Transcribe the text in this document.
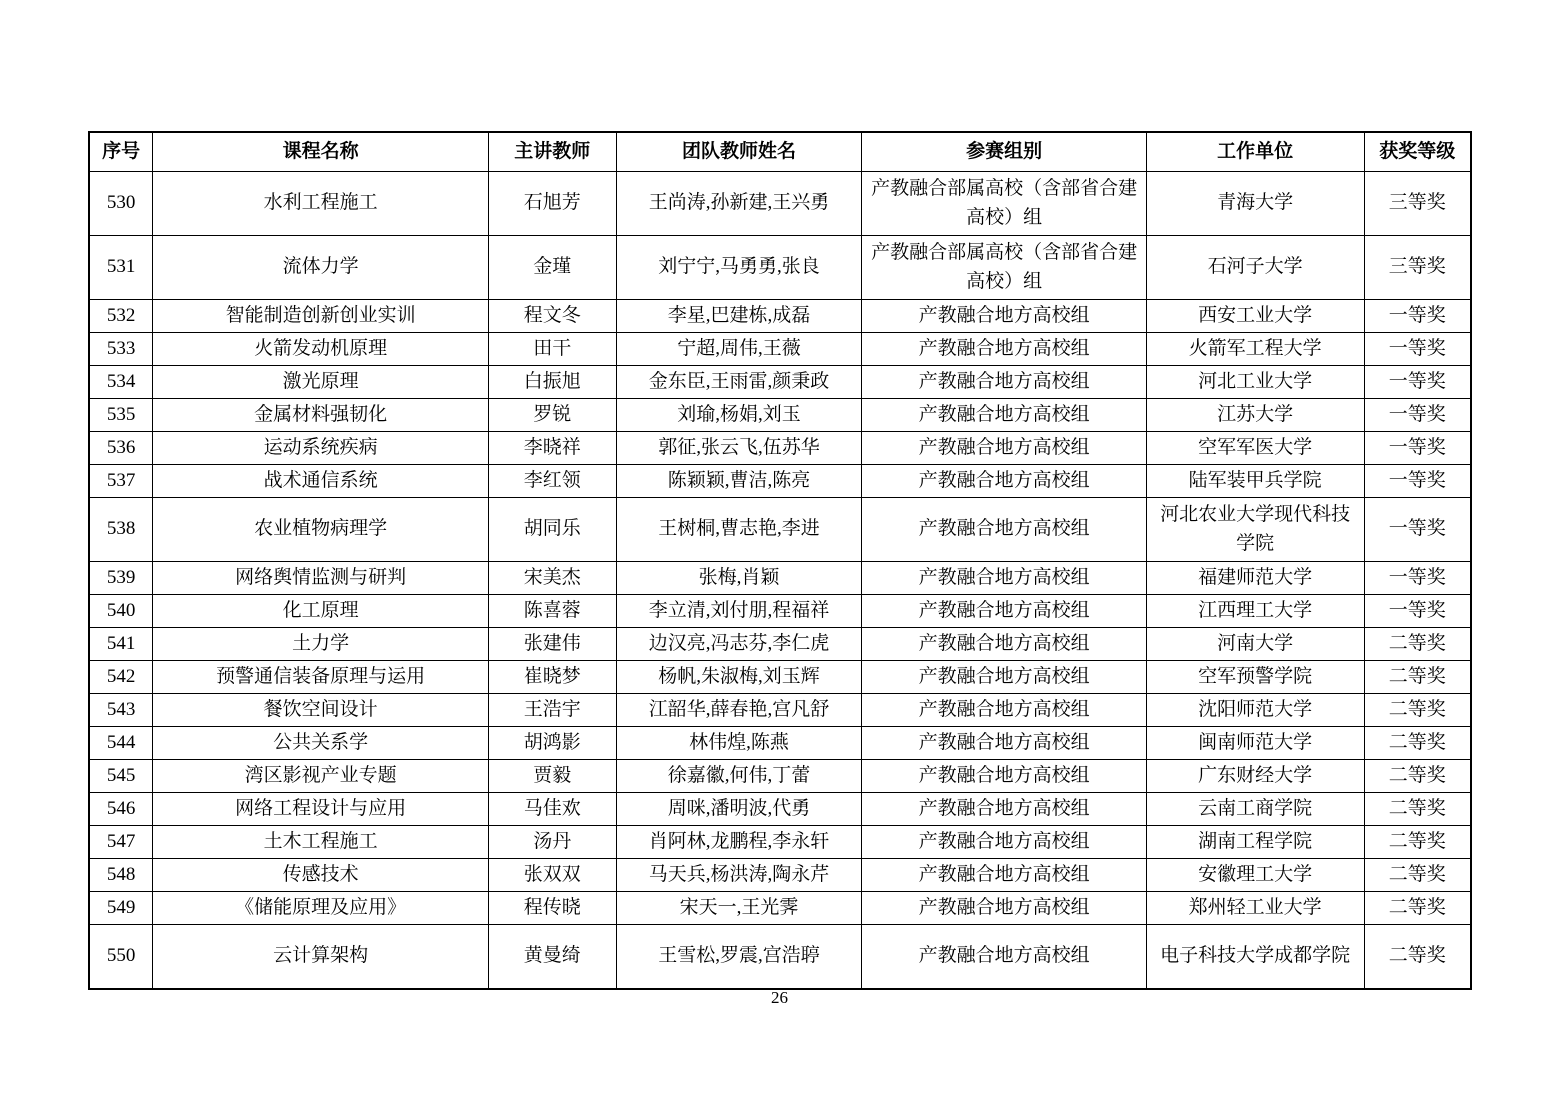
序号	课程名称	主讲教师	团队教师姓名	参赛组别	工作单位	获奖等级
530	水利工程施工	石旭芳	王尚涛,孙新建,王兴勇	产教融合部属高校（含部省合建高校）组	青海大学	三等奖
531	流体力学	金瑾	刘宁宁,马勇勇,张良	产教融合部属高校（含部省合建高校）组	石河子大学	三等奖
532	智能制造创新创业实训	程文冬	李星,巴建栋,成磊	产教融合地方高校组	西安工业大学	一等奖
533	火箭发动机原理	田干	宁超,周伟,王薇	产教融合地方高校组	火箭军工程大学	一等奖
534	激光原理	白振旭	金东臣,王雨雷,颜秉政	产教融合地方高校组	河北工业大学	一等奖
535	金属材料强韧化	罗锐	刘瑜,杨娟,刘玉	产教融合地方高校组	江苏大学	一等奖
536	运动系统疾病	李晓祥	郭征,张云飞,伍苏华	产教融合地方高校组	空军军医大学	一等奖
537	战术通信系统	李红领	陈颖颖,曹洁,陈亮	产教融合地方高校组	陆军装甲兵学院	一等奖
538	农业植物病理学	胡同乐	王树桐,曹志艳,李进	产教融合地方高校组	河北农业大学现代科技学院	一等奖
539	网络舆情监测与研判	宋美杰	张梅,肖颖	产教融合地方高校组	福建师范大学	一等奖
540	化工原理	陈喜蓉	李立清,刘付朋,程福祥	产教融合地方高校组	江西理工大学	一等奖
541	土力学	张建伟	边汉亮,冯志芬,李仁虎	产教融合地方高校组	河南大学	二等奖
542	预警通信装备原理与运用	崔晓梦	杨帆,朱淑梅,刘玉辉	产教融合地方高校组	空军预警学院	二等奖
543	餐饮空间设计	王浩宇	江韶华,薛春艳,宫凡舒	产教融合地方高校组	沈阳师范大学	二等奖
544	公共关系学	胡鸿影	林伟煌,陈燕	产教融合地方高校组	闽南师范大学	二等奖
545	湾区影视产业专题	贾毅	徐嘉徽,何伟,丁蕾	产教融合地方高校组	广东财经大学	二等奖
546	网络工程设计与应用	马佳欢	周咪,潘明波,代勇	产教融合地方高校组	云南工商学院	二等奖
547	土木工程施工	汤丹	肖阿林,龙鹏程,李永轩	产教融合地方高校组	湖南工程学院	二等奖
548	传感技术	张双双	马天兵,杨洪涛,陶永芹	产教融合地方高校组	安徽理工大学	二等奖
549	《储能原理及应用》	程传晓	宋天一,王光霁	产教融合地方高校组	郑州轻工业大学	二等奖
550	云计算架构	黄曼绮	王雪松,罗震,宫浩聤	产教融合地方高校组	电子科技大学成都学院	二等奖
26
